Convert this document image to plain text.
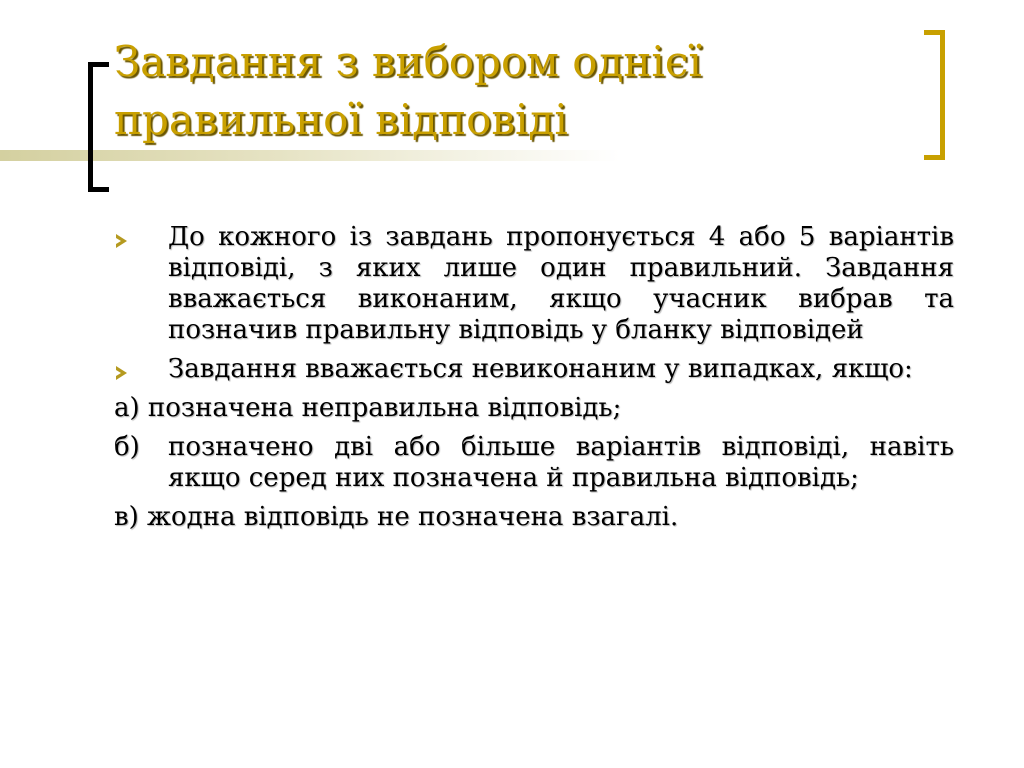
Завдання з вибором однієї
правильної відповіді
До кожного із завдань пропонується 4 або 5 варіантів відповіді, з яких лише один правильний. Завдання вважається виконаним, якщо учасник вибрав та позначив правильну відповідь у бланку відповідей
Завдання вважається невиконаним у випадках, якщо:
а) позначена неправильна відповідь;
б) позначено дві або більше варіантів відповіді, навіть якщо серед них позначена й правильна відповідь;
в) жодна відповідь не позначена взагалі.
